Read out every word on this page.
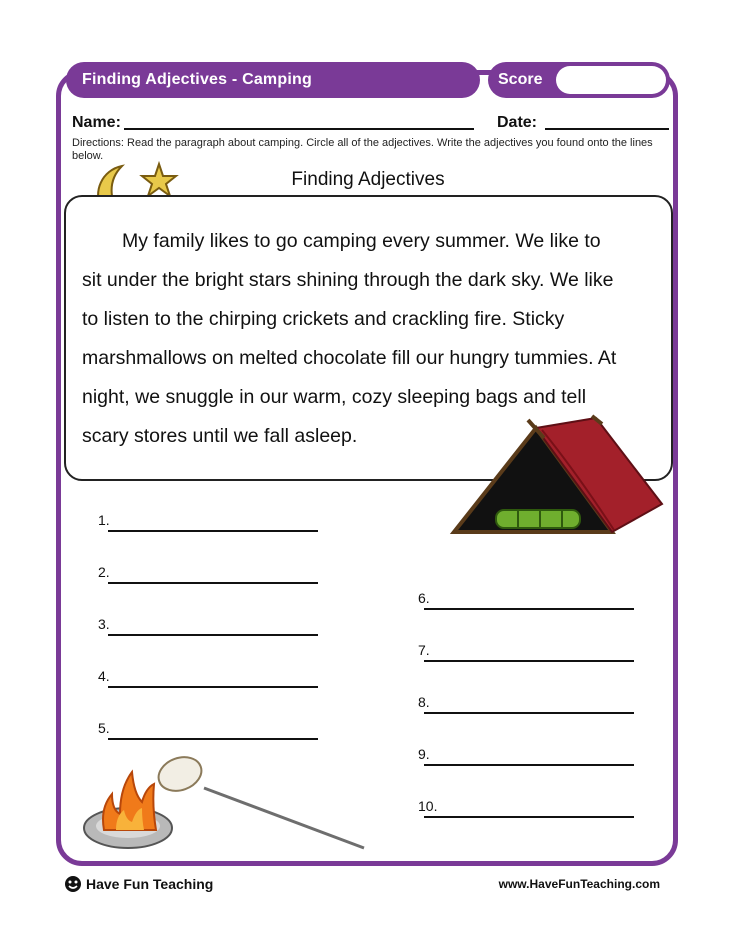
Finding Adjectives - Camping	Score
Name:	Date:
Directions: Read the paragraph about camping. Circle all of the adjectives. Write the adjectives you found onto the lines below.
Finding Adjectives
My family likes to go camping every summer. We like to
sit under the bright stars shining through the dark sky. We like
to listen to the chirping crickets and crackling fire. Sticky
marshmallows on melted chocolate fill our hungry tummies. At
night, we snuggle in our warm, cozy sleeping bags and tell
scary stores until we fall asleep.
1.
2.
3.
4.
5.
6.
7.
8.
9.
10.
Have Fun Teaching	www.HaveFunTeaching.com
